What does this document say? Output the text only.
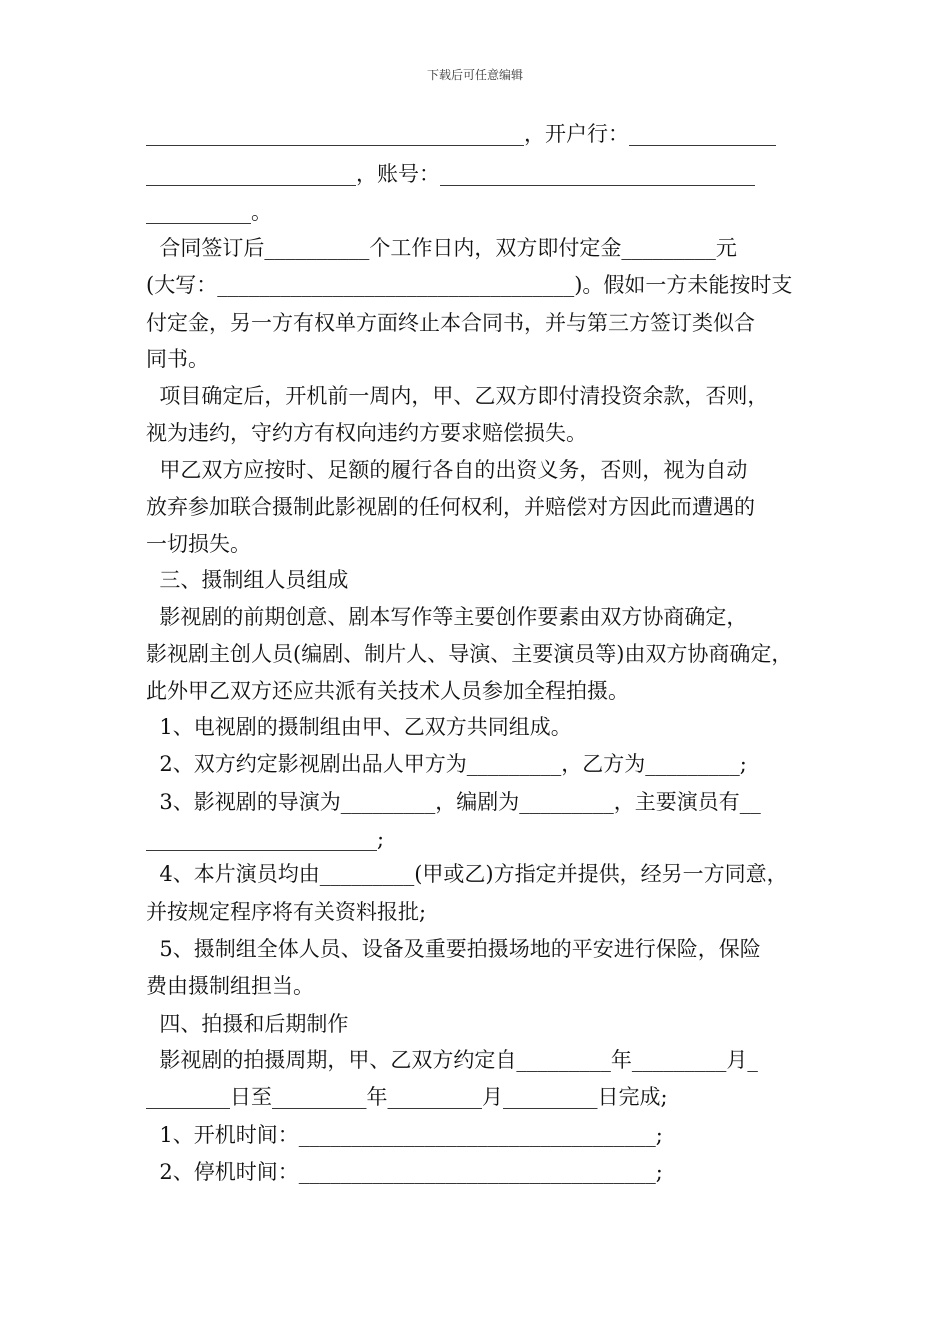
下载后可任意编辑
____________________________________，开户行：______________
____________________，账号：______________________________
__________。
合同签订后__________个工作日内，双方即付定金_________元
(大写：__________________________________)。假如一方未能按时支
付定金，另一方有权单方面终止本合同书，并与第三方签订类似合
同书。
项目确定后，开机前一周内，甲、乙双方即付清投资余款，否则，
视为违约，守约方有权向违约方要求赔偿损失。
甲乙双方应按时、足额的履行各自的出资义务，否则，视为自动
放弃参加联合摄制此影视剧的任何权利，并赔偿对方因此而遭遇的
一切损失。
三、摄制组人员组成
影视剧的前期创意、剧本写作等主要创作要素由双方协商确定，
影视剧主创人员(编剧、制片人、导演、主要演员等)由双方协商确定，
此外甲乙双方还应共派有关技术人员参加全程拍摄。
1、电视剧的摄制组由甲、乙双方共同组成。
2、双方约定影视剧出品人甲方为_________，乙方为_________;
3、影视剧的导演为_________，编剧为_________，主要演员有__
______________________;
4、本片演员均由_________(甲或乙)方指定并提供，经另一方同意，
并按规定程序将有关资料报批;
5、摄制组全体人员、设备及重要拍摄场地的平安进行保险，保险
费由摄制组担当。
四、拍摄和后期制作
影视剧的拍摄周期，甲、乙双方约定自_________年_________月_
________日至_________年_________月_________日完成;
1、开机时间：__________________________________;
2、停机时间：__________________________________;
